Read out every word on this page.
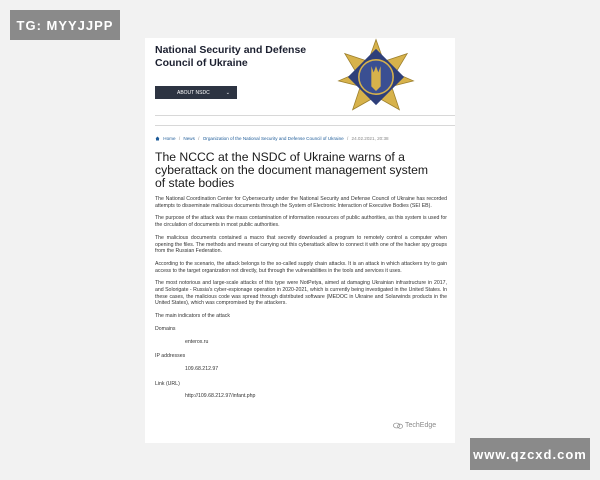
TG: MYYJJPP
National Security and Defense Council of Ukraine
ABOUT NSDC	⌄
Home / News / Organization of the National Security and Defense Council of Ukraine / 24.02.2021, 20:38
The NCCC at the NSDC of Ukraine warns of a cyberattack on the document management system of state bodies

The National Coordination Center for Cybersecurity under the National Security and Defense Council of Ukraine has recorded attempts to disseminate malicious documents through the System of Electronic Interaction of Executive Bodies (SEI EB).

The purpose of the attack was the mass contamination of information resources of public authorities, as this system is used for the circulation of documents in most public authorities.

The malicious documents contained a macro that secretly downloaded a program to remotely control a computer when opening the files. The methods and means of carrying out this cyberattack allow to connect it with one of the hacker spy groups from the Russian Federation.

According to the scenario, the attack belongs to the so-called supply chain attacks. It is an attack in which attackers try to gain access to the target organization not directly, but through the vulnerabilities in the tools and services it uses.

The most notorious and large-scale attacks of this type were NotPetya, aimed at damaging Ukrainian infrastructure in 2017, and Solorigate - Russia's cyber-espionage operation in 2020-2021, which is currently being investigated in the United States. In these cases, the malicious code was spread through distributed software (MEDOC in Ukraine and Solarwinds products in the United States), which was compromised by the attackers.

The main indicators of the attack
Domains
enterox.ru
IP addresses
109.68.212.97
Link (URL)
http://109.68.212.97/infant.php
TechEdge
www.qzcxd.com
